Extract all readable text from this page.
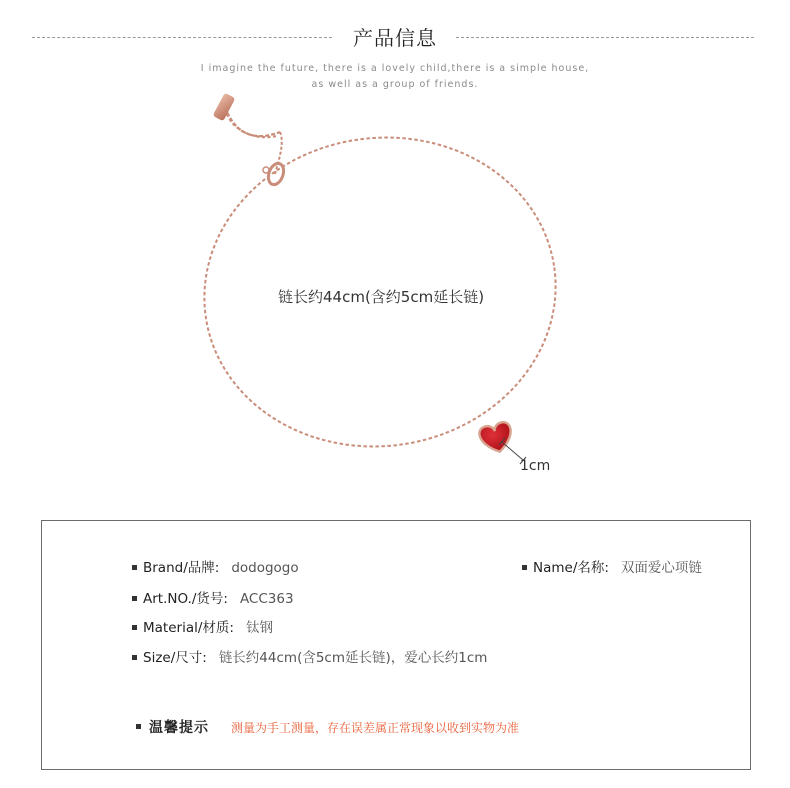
产品信息
I imagine the future, there is a lovely child,there is a simple house,
as well as a group of friends.
链长约44cm(含约5cm延长链)
1cm
Brand/品牌: dodogogo	Name/名称: 双面爱心项链
Art.NO./货号: ACC363
Material/材质: 钛钢
Size/尺寸: 链长约44cm(含5cm延长链)，爱心长约1cm
温馨提示 测量为手工测量，存在误差属正常现象以收到实物为准
